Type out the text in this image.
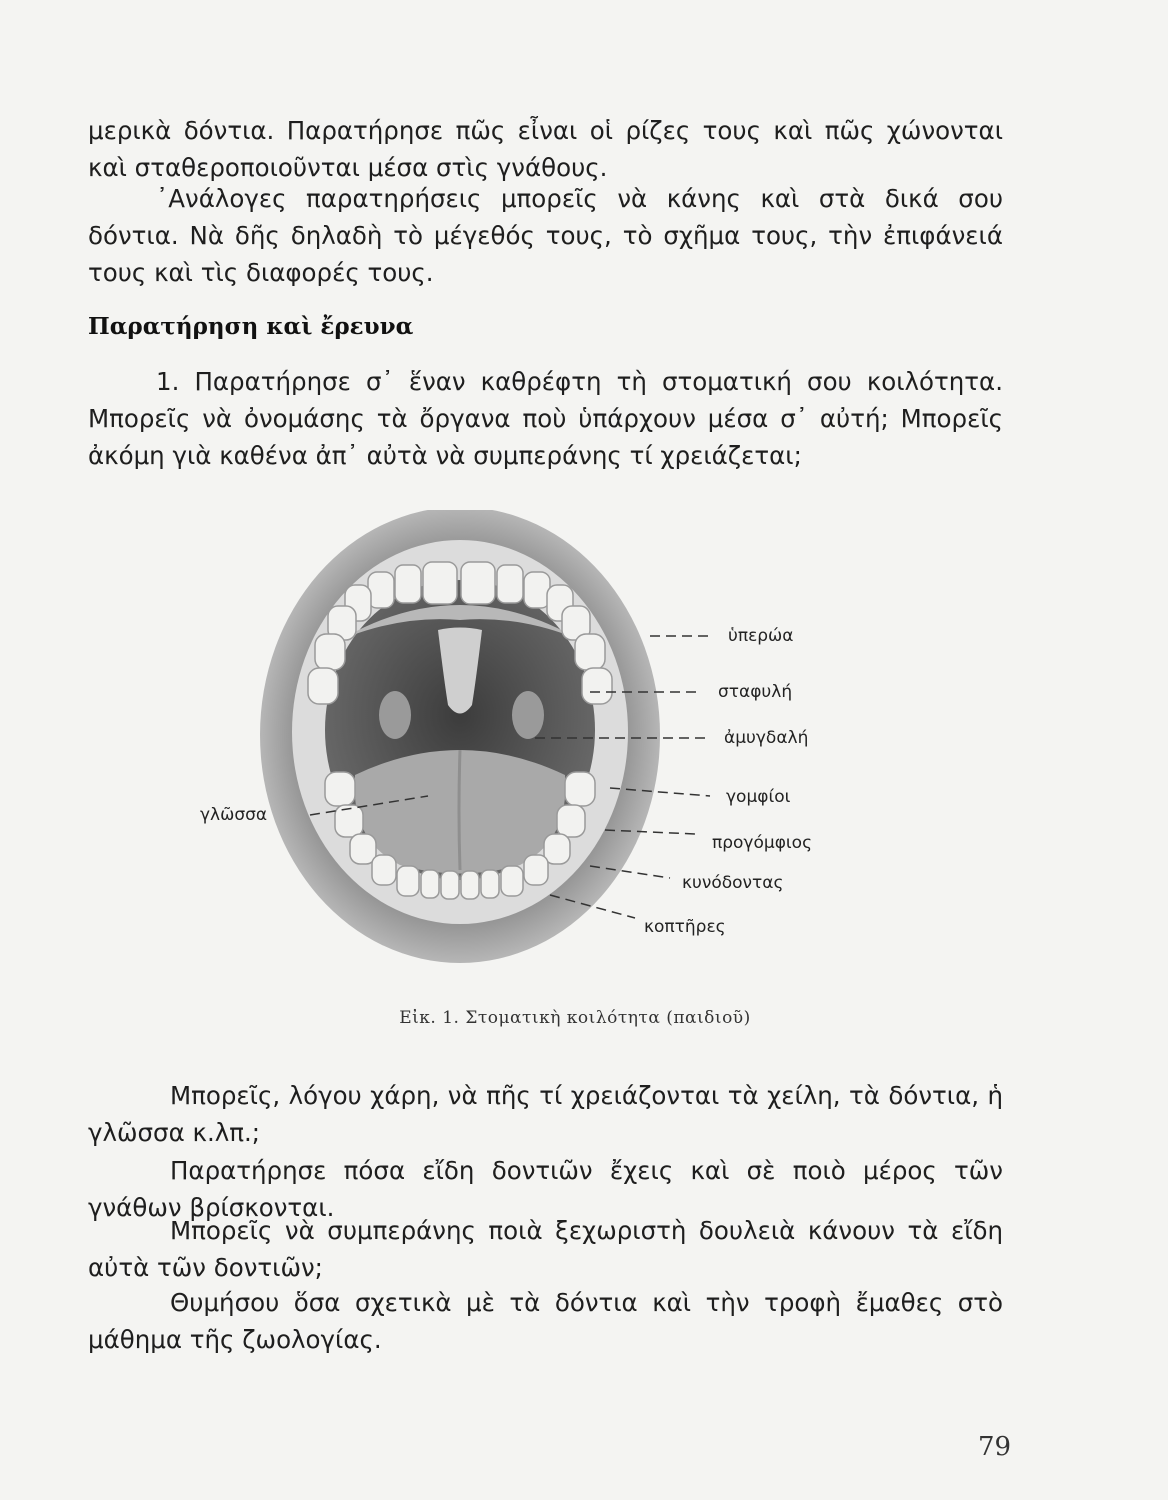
μερικὰ δόντια. Παρατήρησε πῶς εἶναι οἱ ρίζες τους καὶ πῶς χώνονται καὶ σταθεροποιοῦνται μέσα στὶς γνάθους.

᾿Ανάλογες παρατηρήσεις μπορεῖς νὰ κάνης καὶ στὰ δικά σου δόντια. Νὰ δῆς δηλαδὴ τὸ μέγεθός τους, τὸ σχῆμα τους, τὴν ἐπιφάνειά τους καὶ τὶς διαφορές τους.

Παρατήρηση καὶ ἔρευνα

1. Παρατήρησε σ᾿ ἕναν καθρέφτη τὴ στοματική σου κοιλότητα. Μπορεῖς νὰ ὀνομάσης τὰ ὄργανα ποὺ ὑπάρχουν μέσα σ᾿ αὐτή; Μπορεῖς ἀκόμη γιὰ καθένα ἀπ᾿ αὐτὰ νὰ συμπεράνης τί χρειάζεται;

ὑπερώα
σταφυλή
ἀμυγδαλή
γλῶσσα
γομφίοι
προγόμφιος
κυνόδοντας
κοπτῆρες
Εἰκ. 1. Στοματικὴ κοιλότητα (παιδιοῦ)

Μπορεῖς, λόγου χάρη, νὰ πῆς τί χρειάζονται τὰ χείλη, τὰ δόντια, ἡ γλῶσσα κ.λπ.;

Παρατήρησε πόσα εἴδη δοντιῶν ἔχεις καὶ σὲ ποιὸ μέρος τῶν γνάθων βρίσκονται.

Μπορεῖς νὰ συμπεράνης ποιὰ ξεχωριστὴ δουλειὰ κάνουν τὰ εἴδη αὐτὰ τῶν δοντιῶν;

Θυμήσου ὅσα σχετικὰ μὲ τὰ δόντια καὶ τὴν τροφὴ ἔμαθες στὸ μάθημα τῆς ζωολογίας.

79
